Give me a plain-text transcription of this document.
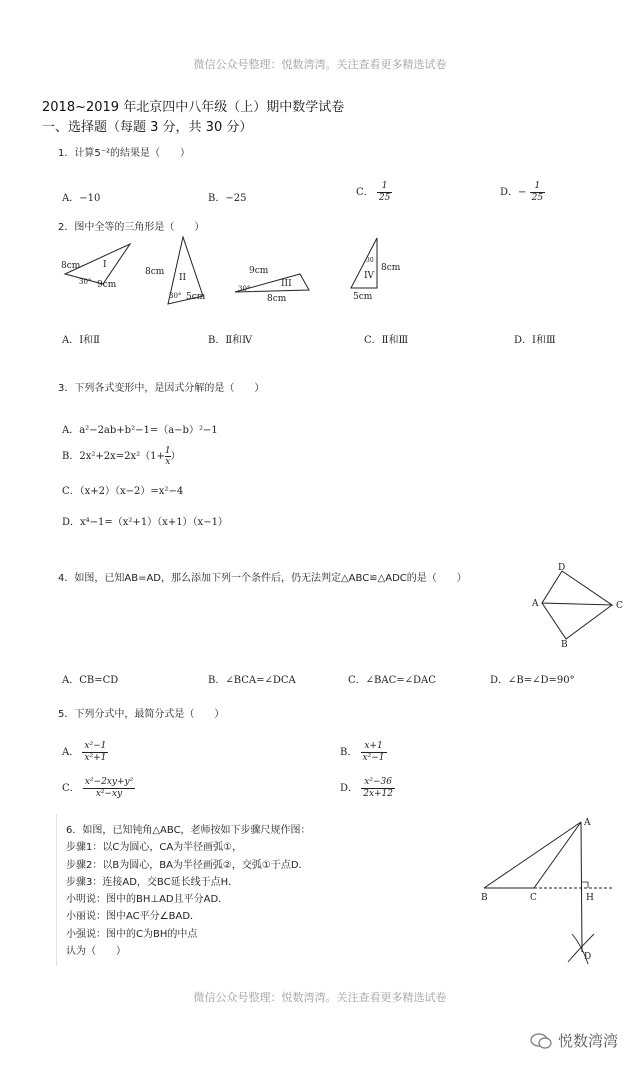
微信公众号整理：悦数湾湾。关注查看更多精选试卷
2018~2019 年北京四中八年级（上）期中数学试卷
一、选择题（每题 3 分，共 30 分）
1．计算5⁻²的结果是（　　）
A．−10	B．−25
C． $\frac{1}{25}$	D．− $\frac{1}{25}$
2．图中全等的三角形是（　　）
I
8cm
9cm
30°	II
8cm
5cm
30°
III
9cm
8cm
30°
IV
8cm
5cm
30
A．Ⅰ和Ⅱ	B．Ⅱ和Ⅳ	C．Ⅱ和Ⅲ	D．Ⅰ和Ⅲ
3．下列各式变形中，是因式分解的是（　　）
A．a²−2ab+b²−1=（a−b）²−1
B．$2x^2+2x=2x^2(1+ \frac{1}{x})$
C．（x+2）（x−2）=x²−4
D．x⁴−1=（x²+1）（x+1）（x−1）
4．如图，已知AB=AD，那么添加下列一个条件后，仍无法判定△ABC≌△ADC的是（　　）
D
A	C
B
A．CB=CD	B．∠BCA=∠DCA	C．∠BAC=∠DAC	D．∠B=∠D=90°
5．下列分式中，最简分式是（　　）
A． $\frac{\text{x²−1}}{\text{x²+1}}$	B． $\frac{x+1}{\text{x²−1}}$
C． $\frac{\text{x²−2xy+y²}}{\text{x²−xy}}$	D． $\frac{\text{x²−36}}{2x+12}$
6．如图，已知钝角△ABC，老师按如下步骤尺规作图：
步骤1：以C为圆心，CA为半径画弧①，
步骤2：以B为圆心，BA为半径画弧②，交弧①于点D．
步骤3：连接AD，交BC延长线于点H．
小明说：图中的BH⊥AD且平分AD．
小丽说：图中AC平分∠BAD．
小强说：图中的C为BH的中点
认为（　　）
A
B	C	H
D
微信公众号整理：悦数湾湾。关注查看更多精选试卷
悦数湾湾
